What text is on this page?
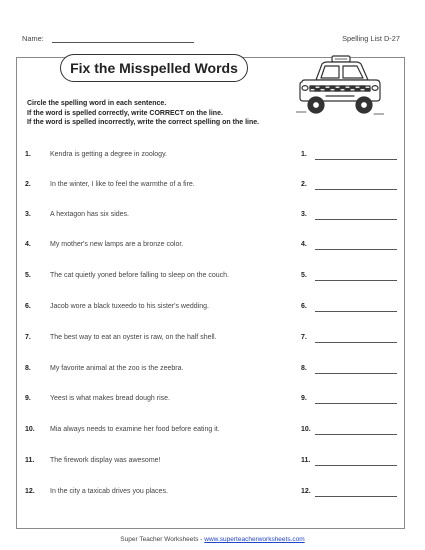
Name:	Spelling List D-27
Fix the Misspelled Words
Circle the spelling word in each sentence.
If the word is spelled correctly, write CORRECT on the line.
If the word is spelled incorrectly, write the correct spelling on the line.
1.	Kendra is getting a degree in zoology.	1.
2.	In the winter, I like to feel the warmthe of a fire.	2.
3.	A hextagon has six sides.	3.
4.	My mother's new lamps are a bronze color.	4.
5.	The cat quietly yoned before falling to sleep on the couch.	5.
6.	Jacob wore a black tuxeedo to his sister's wedding.	6.
7.	The best way to eat an oyster is raw, on the half shell.	7.
8.	My favorite animal at the zoo is the zeebra.	8.
9.	Yeest is what makes bread dough rise.	9.
10. Mia always needs to examine her food before eating it.	10.
11. The firework display was awesome!	11.
12. In the city a taxicab drives you places.	12.
Super Teacher Worksheets - www.superteacherworksheets.com
